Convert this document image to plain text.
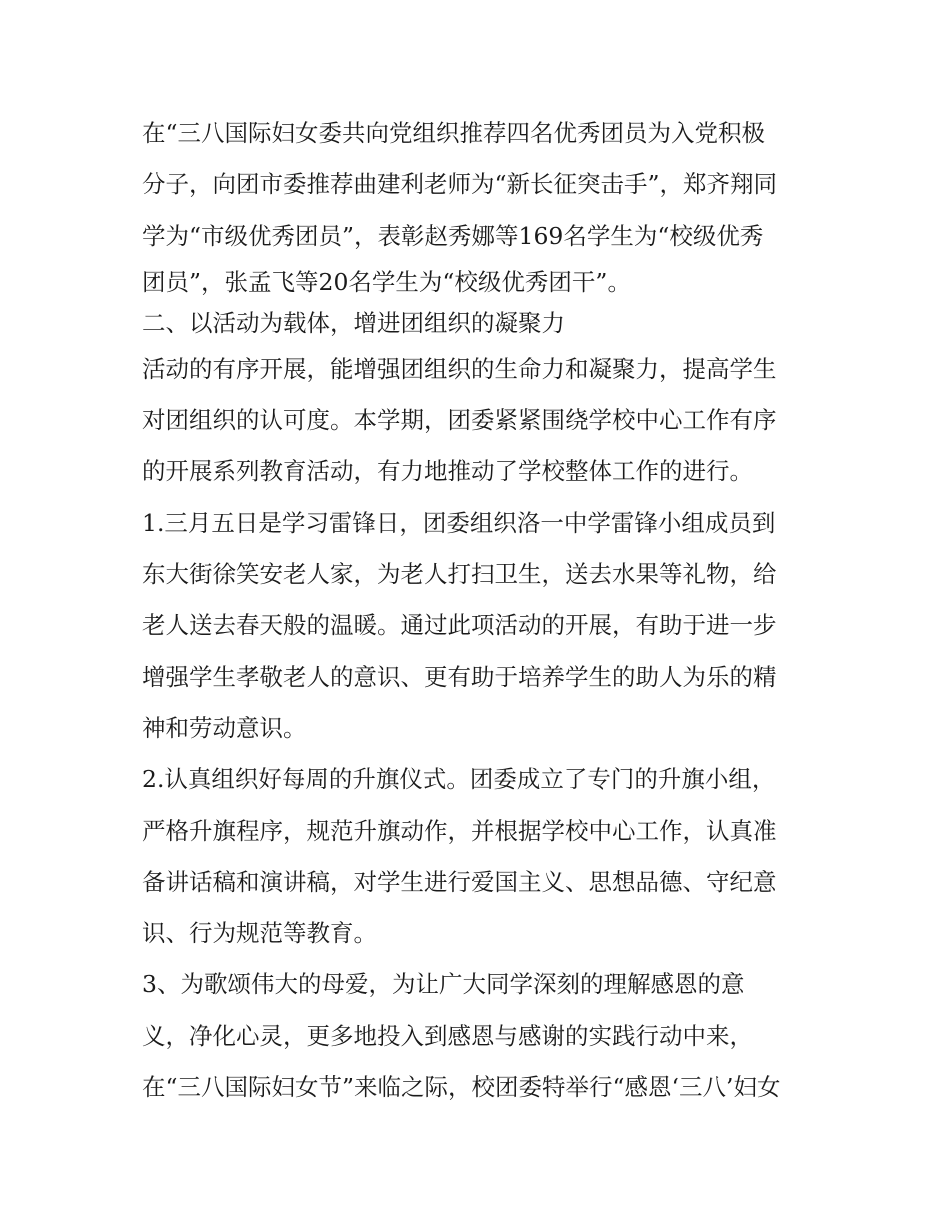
在“三八国际妇女委共向党组织推荐四名优秀团员为入党积极
分子，向团市委推荐曲建利老师为“新长征突击手”，郑齐翔同
学为“市级优秀团员”，表彰赵秀娜等169名学生为“校级优秀
团员”，张孟飞等20名学生为“校级优秀团干”。
二、以活动为载体，增进团组织的凝聚力
活动的有序开展，能增强团组织的生命力和凝聚力，提高学生
对团组织的认可度。本学期，团委紧紧围绕学校中心工作有序
的开展系列教育活动，有力地推动了学校整体工作的进行。
1.三月五日是学习雷锋日，团委组织洛一中学雷锋小组成员到
东大街徐笑安老人家，为老人打扫卫生，送去水果等礼物，给
老人送去春天般的温暖。通过此项活动的开展，有助于进一步
增强学生孝敬老人的意识、更有助于培养学生的助人为乐的精
神和劳动意识。
2.认真组织好每周的升旗仪式。团委成立了专门的升旗小组，
严格升旗程序，规范升旗动作，并根据学校中心工作，认真准
备讲话稿和演讲稿，对学生进行爱国主义、思想品德、守纪意
识、行为规范等教育。
3、为歌颂伟大的母爱，为让广大同学深刻的理解感恩的意
义，净化心灵，更多地投入到感恩与感谢的实践行动中来，
在“三八国际妇女节”来临之际，校团委特举行“感恩‘三八’妇女
